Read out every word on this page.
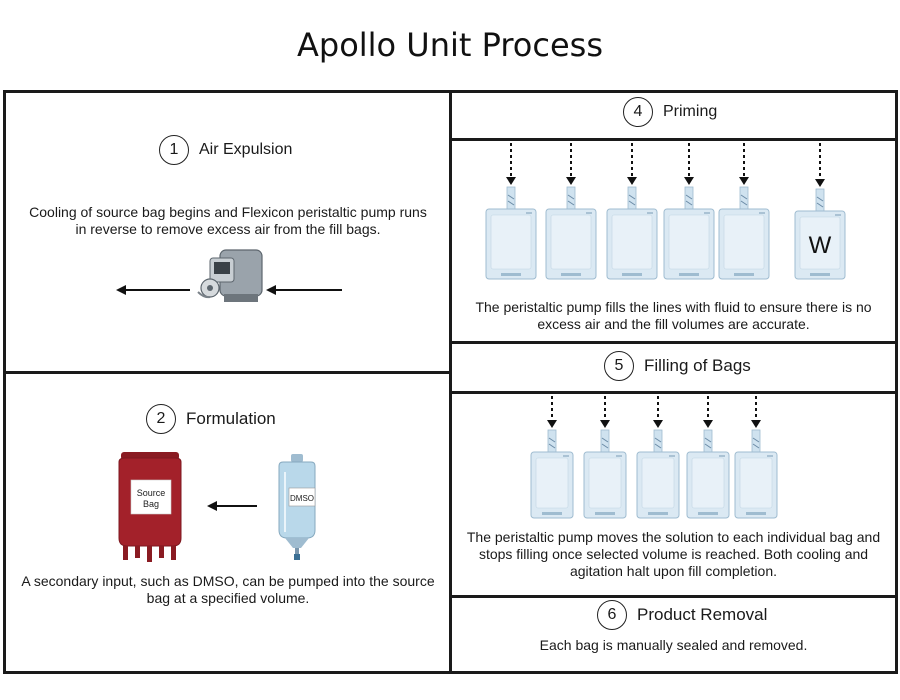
Apollo Unit Process
1	Air Expulsion
Cooling of source bag begins and Flexicon peristaltic pump runs in reverse to remove excess air from the fill bags.
2	Formulation
Source
Bag
DMSO
A secondary input, such as DMSO, can be pumped into the source bag at a specified volume.
4	Priming
W
The peristaltic pump fills the lines with fluid to ensure there is no excess air and the fill volumes are accurate.
5	Filling of Bags
The peristaltic pump moves the solution to each individual bag and stops filling once selected volume is reached. Both cooling and agitation halt upon fill completion.
6	Product Removal
Each bag is manually sealed and removed.
